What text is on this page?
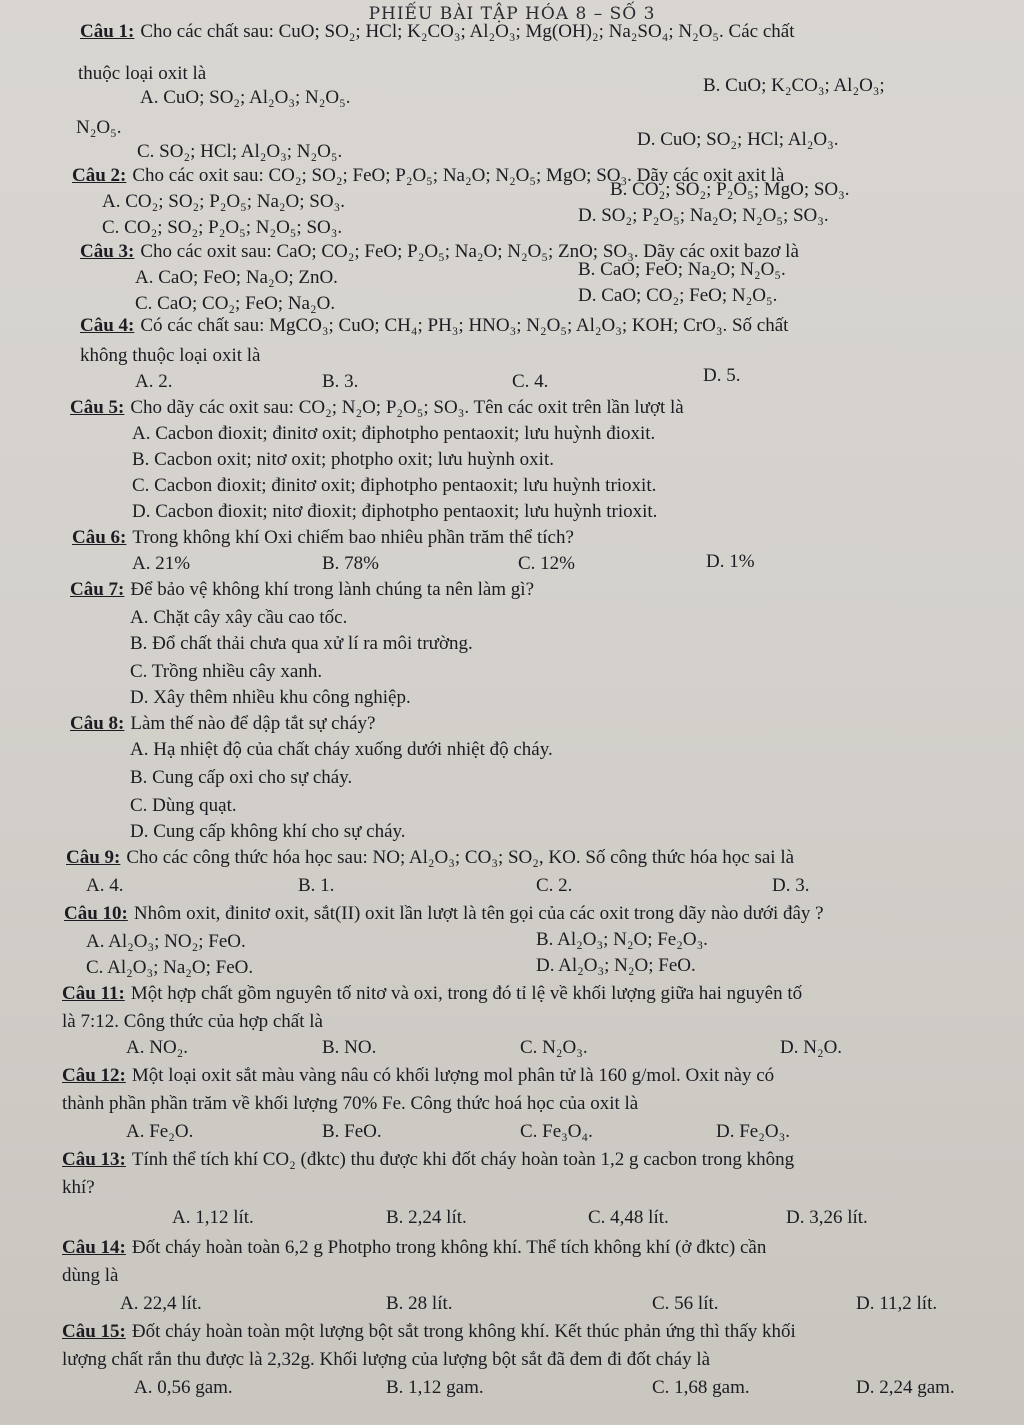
PHIẾU BÀI TẬP HÓA 8 – SỐ 3
Câu 1: Cho các chất sau: CuO; SO₂; HCl; K₂CO₃; Al₂O₃; Mg(OH)₂; Na₂SO₄; N₂O₅. Các chất
thuộc loại oxit là
A. CuO; SO₂; Al₂O₃; N₂O₅.
B. CuO; K₂CO₃; Al₂O₃;
N₂O₅.
C. SO₂; HCl; Al₂O₃; N₂O₅.
D. CuO; SO₂; HCl; Al₂O₃.
Câu 2: Cho các oxit sau: CO₂; SO₂; FeO; P₂O₅; Na₂O; N₂O₅; MgO; SO₃. Dãy các oxit axit là
A. CO₂; SO₂; P₂O₅; Na₂O; SO₃.
B. CO₂; SO₂; P₂O₅; MgO; SO₃.
C. CO₂; SO₂; P₂O₅; N₂O₅; SO₃.
D. SO₂; P₂O₅; Na₂O; N₂O₅; SO₃.
Câu 3: Cho các oxit sau: CaO; CO₂; FeO; P₂O₅; Na₂O; N₂O₅; ZnO; SO₃. Dãy các oxit bazơ là
A. CaO; FeO; Na₂O; ZnO.	B. CaO; FeO; Na₂O; N₂O₅.
C. CaO; CO₂; FeO; Na₂O.	D. CaO; CO₂; FeO; N₂O₅.
Câu 4: Có các chất sau: MgCO₃; CuO; CH₄; PH₃; HNO₃; N₂O₅; Al₂O₃; KOH; CrO₃. Số chất
không thuộc loại oxit là
A. 2.	B. 3.	C. 4.	D. 5.
Câu 5: Cho dãy các oxit sau: CO₂; N₂O; P₂O₅; SO₃. Tên các oxit trên lần lượt là
A. Cacbon đioxit; đinitơ oxit; điphotpho pentaoxit; lưu huỳnh đioxit.
B. Cacbon oxit; nitơ oxit; photpho oxit; lưu huỳnh oxit.
C. Cacbon đioxit; đinitơ oxit; điphotpho pentaoxit; lưu huỳnh trioxit.
D. Cacbon đioxit; nitơ đioxit; điphotpho pentaoxit; lưu huỳnh trioxit.
Câu 6: Trong không khí Oxi chiếm bao nhiêu phần trăm thể tích?
A. 21%	B. 78%	C. 12%	D. 1%
Câu 7: Để bảo vệ không khí trong lành chúng ta nên làm gì?
A. Chặt cây xây cầu cao tốc.
B. Đổ chất thải chưa qua xử lí ra môi trường.
C. Trồng nhiều cây xanh.
D. Xây thêm nhiều khu công nghiệp.
Câu 8: Làm thế nào để dập tắt sự cháy?
A. Hạ nhiệt độ của chất cháy xuống dưới nhiệt độ cháy.
B. Cung cấp oxi cho sự cháy.
C. Dùng quạt.
D. Cung cấp không khí cho sự cháy.
Câu 9: Cho các công thức hóa học sau: NO; Al₂O₃; CO₃; SO₂, KO. Số công thức hóa học sai là
A. 4.	B. 1.	C. 2.	D. 3.
Câu 10: Nhôm oxit, đinitơ oxit, sắt(II) oxit lần lượt là tên gọi của các oxit trong dãy nào dưới đây ?
A. Al₂O₃; NO₂; FeO.	B. Al₂O₃; N₂O; Fe₂O₃.
C. Al₂O₃; Na₂O; FeO.	D. Al₂O₃; N₂O; FeO.
Câu 11: Một hợp chất gồm nguyên tố nitơ và oxi, trong đó tỉ lệ về khối lượng giữa hai nguyên tố
là 7:12. Công thức của hợp chất là
A. NO₂.	B. NO.	C. N₂O₃.	D. N₂O.
Câu 12: Một loại oxit sắt màu vàng nâu có khối lượng mol phân tử là 160 g/mol. Oxit này có
thành phần phần trăm về khối lượng 70% Fe. Công thức hoá học của oxit là
A. Fe₂O.	B. FeO.	C. Fe₃O₄.	D. Fe₂O₃.
Câu 13: Tính thể tích khí CO₂ (đktc) thu được khi đốt cháy hoàn toàn 1,2 g cacbon trong không
khí?
A. 1,12 lít.	B. 2,24 lít.	C. 4,48 lít.	D. 3,26 lít.
Câu 14: Đốt cháy hoàn toàn 6,2 g Photpho trong không khí. Thể tích không khí (ở đktc) cần
dùng là
A. 22,4 lít.	B. 28 lít.	C. 56 lít.	D. 11,2 lít.
Câu 15: Đốt cháy hoàn toàn một lượng bột sắt trong không khí. Kết thúc phản ứng thì thấy khối
lượng chất rắn thu được là 2,32g. Khối lượng của lượng bột sắt đã đem đi đốt cháy là
A. 0,56 gam.	B. 1,12 gam.	C. 1,68 gam.	D. 2,24 gam.
